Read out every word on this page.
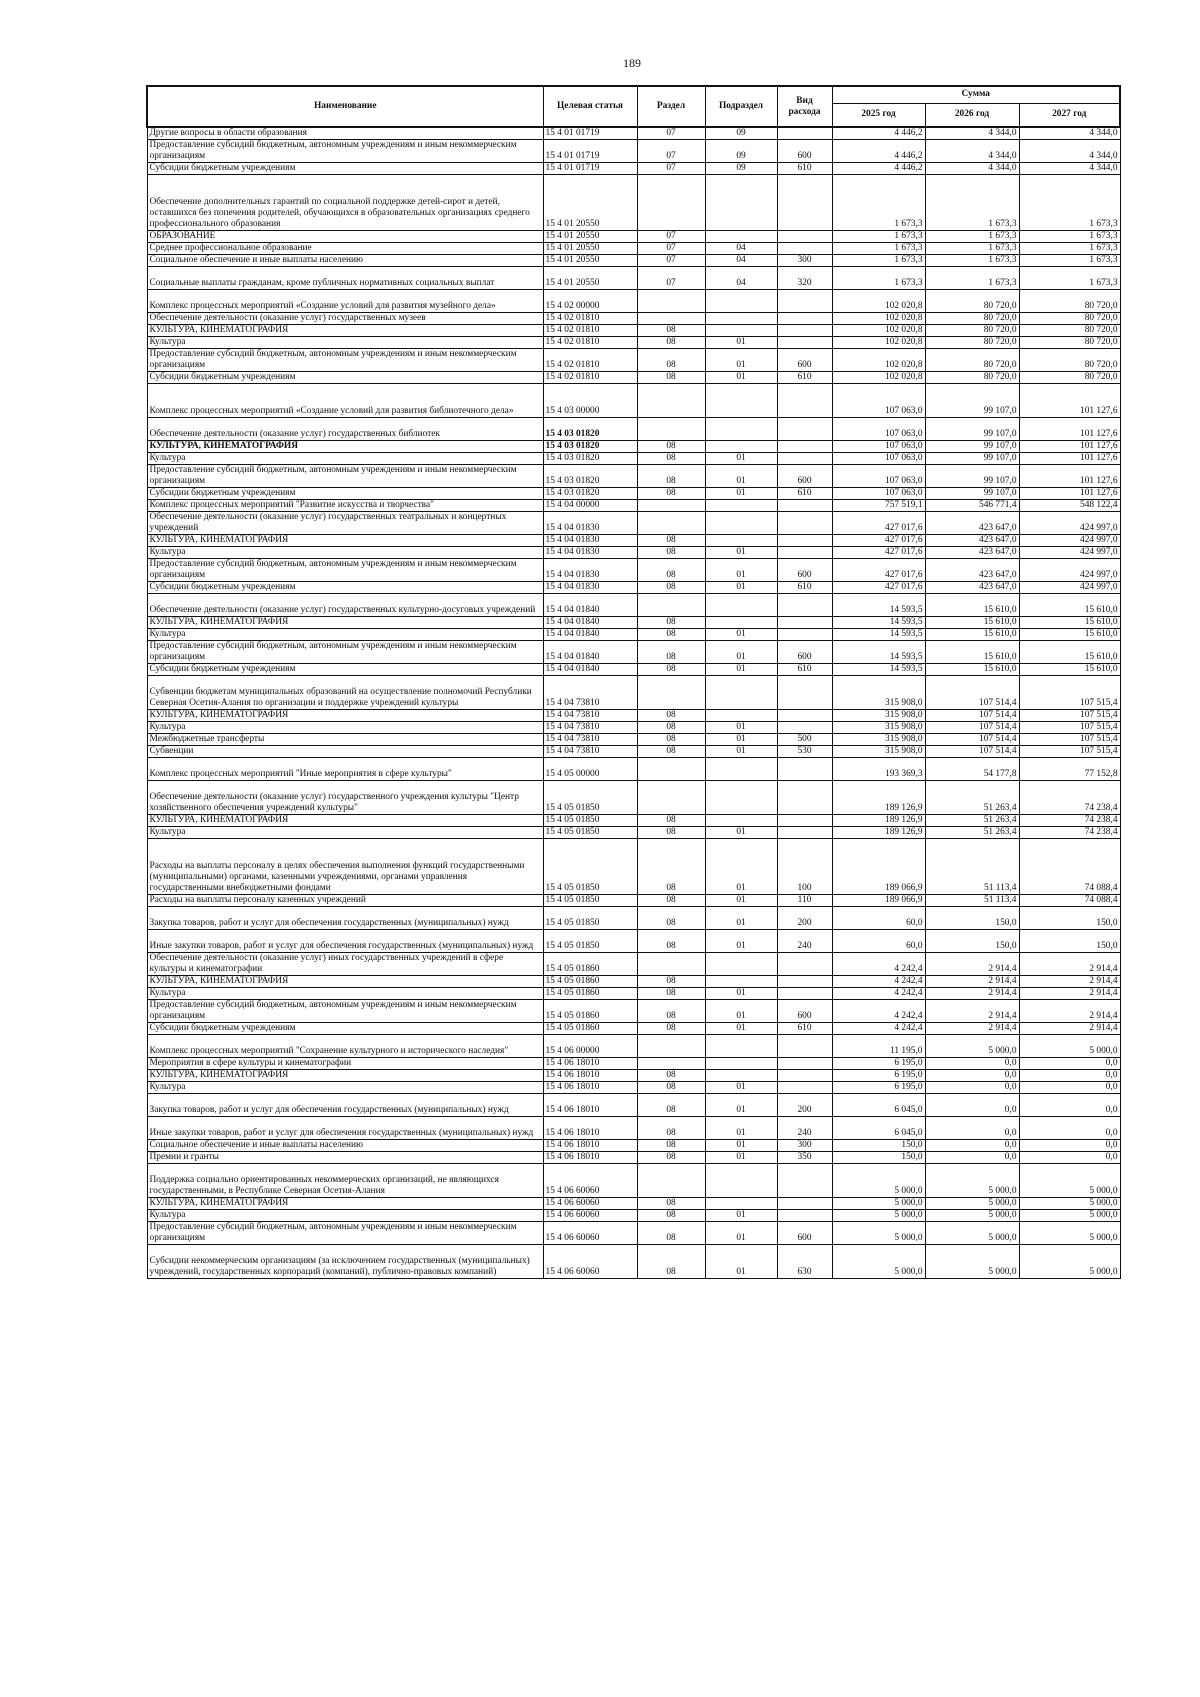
189
Наименование	Целевая статья	Раздел	Подраздел	Вид расхода	Сумма		
					2025 год	2026 год	2027 год
Другие вопросы в области образования	15 4 01 01719	07	09		4 446,2	4 344,0	4 344,0
Предоставление субсидий бюджетным, автономным учреждениям и иным некоммерческим организациям	15 4 01 01719	07	09	600	4 446,2	4 344,0	4 344,0
Субсидии бюджетным учреждениям	15 4 01 01719	07	09	610	4 446,2	4 344,0	4 344,0
Обеспечение дополнительных гарантий по социальной поддержке детей-сирот и детей, оставшихся без попечения родителей, обучающихся в образовательных организациях среднего профессионального образования	15 4 01 20550				1 673,3	1 673,3	1 673,3
ОБРАЗОВАНИЕ	15 4 01 20550	07			1 673,3	1 673,3	1 673,3
Среднее профессиональное образование	15 4 01 20550	07	04		1 673,3	1 673,3	1 673,3
Социальное обеспечение и иные выплаты населению	15 4 01 20550	07	04	300	1 673,3	1 673,3	1 673,3
Социальные выплаты гражданам, кроме публичных нормативных социальных выплат	15 4 01 20550	07	04	320	1 673,3	1 673,3	1 673,3
Комплекс процессных мероприятий «Создание условий для развития музейного дела»	15 4 02 00000				102 020,8	80 720,0	80 720,0
Обеспечение деятельности (оказание услуг) государственных музеев	15 4 02 01810				102 020,8	80 720,0	80 720,0
КУЛЬТУРА, КИНЕМАТОГРАФИЯ	15 4 02 01810	08			102 020,8	80 720,0	80 720,0
Культура	15 4 02 01810	08	01		102 020,8	80 720,0	80 720,0
Предоставление субсидий бюджетным, автономным учреждениям и иным некоммерческим организациям	15 4 02 01810	08	01	600	102 020,8	80 720,0	80 720,0
Субсидии бюджетным учреждениям	15 4 02 01810	08	01	610	102 020,8	80 720,0	80 720,0
Комплекс процессных мероприятий «Создание условий для развития библиотечного дела»	15 4 03 00000				107 063,0	99 107,0	101 127,6
Обеспечение деятельности (оказание услуг) государственных библиотек	15 4 03 01820				107 063,0	99 107,0	101 127,6
КУЛЬТУРА, КИНЕМАТОГРАФИЯ	15 4 03 01820	08			107 063,0	99 107,0	101 127,6
Культура	15 4 03 01820	08	01		107 063,0	99 107,0	101 127,6
Предоставление субсидий бюджетным, автономным учреждениям и иным некоммерческим организациям	15 4 03 01820	08	01	600	107 063,0	99 107,0	101 127,6
Субсидии бюджетным учреждениям	15 4 03 01820	08	01	610	107 063,0	99 107,0	101 127,6
Комплекс процессных мероприятий "Развитие искусства и творчества"	15 4 04 00000				757 519,1	546 771,4	548 122,4
Обеспечение деятельности (оказание услуг) государственных театральных и концертных учреждений	15 4 04 01830				427 017,6	423 647,0	424 997,0
КУЛЬТУРА, КИНЕМАТОГРАФИЯ	15 4 04 01830	08			427 017,6	423 647,0	424 997,0
Культура	15 4 04 01830	08	01		427 017,6	423 647,0	424 997,0
Предоставление субсидий бюджетным, автономным учреждениям и иным некоммерческим организациям	15 4 04 01830	08	01	600	427 017,6	423 647,0	424 997,0
Субсидии бюджетным учреждениям	15 4 04 01830	08	01	610	427 017,6	423 647,0	424 997,0
Обеспечение деятельности (оказание услуг) государственных культурно-досуговых учреждений	15 4 04 01840				14 593,5	15 610,0	15 610,0
КУЛЬТУРА, КИНЕМАТОГРАФИЯ	15 4 04 01840	08			14 593,5	15 610,0	15 610,0
Культура	15 4 04 01840	08	01		14 593,5	15 610,0	15 610,0
Предоставление субсидий бюджетным, автономным учреждениям и иным некоммерческим организациям	15 4 04 01840	08	01	600	14 593,5	15 610,0	15 610,0
Субсидии бюджетным учреждениям	15 4 04 01840	08	01	610	14 593,5	15 610,0	15 610,0
Субвенции бюджетам муниципальных образований на осуществление полномочий Республики Северная Осетия-Алания по организации и поддержке учреждений культуры	15 4 04 73810				315 908,0	107 514,4	107 515,4
КУЛЬТУРА, КИНЕМАТОГРАФИЯ	15 4 04 73810	08			315 908,0	107 514,4	107 515,4
Культура	15 4 04 73810	08	01		315 908,0	107 514,4	107 515,4
Межбюджетные трансферты	15 4 04 73810	08	01	500	315 908,0	107 514,4	107 515,4
Субвенции	15 4 04 73810	08	01	530	315 908,0	107 514,4	107 515,4
Комплекс процессных мероприятий "Иные мероприятия в сфере культуры"	15 4 05 00000				193 369,3	54 177,8	77 152,8
Обеспечение деятельности (оказание услуг) государственного учреждения культуры "Центр хозяйственного обеспечения учреждений культуры"	15 4 05 01850				189 126,9	51 263,4	74 238,4
КУЛЬТУРА, КИНЕМАТОГРАФИЯ	15 4 05 01850	08			189 126,9	51 263,4	74 238,4
Культура	15 4 05 01850	08	01		189 126,9	51 263,4	74 238,4
Расходы на выплаты персоналу в целях обеспечения выполнения функций государственными (муниципальными) органами, казенными учреждениями, органами управления государственными внебюджетными фондами	15 4 05 01850	08	01	100	189 066,9	51 113,4	74 088,4
Расходы на выплаты персоналу казенных учреждений	15 4 05 01850	08	01	110	189 066,9	51 113,4	74 088,4
Закупка товаров, работ и услуг для обеспечения государственных (муниципальных) нужд	15 4 05 01850	08	01	200	60,0	150,0	150,0
Иные закупки товаров, работ и услуг для обеспечения государственных (муниципальных) нужд	15 4 05 01850	08	01	240	60,0	150,0	150,0
Обеспечение деятельности (оказание услуг) иных государственных учреждений в сфере культуры и кинематографии	15 4 05 01860				4 242,4	2 914,4	2 914,4
КУЛЬТУРА, КИНЕМАТОГРАФИЯ	15 4 05 01860	08			4 242,4	2 914,4	2 914,4
Культура	15 4 05 01860	08	01		4 242,4	2 914,4	2 914,4
Предоставление субсидий бюджетным, автономным учреждениям и иным некоммерческим организациям	15 4 05 01860	08	01	600	4 242,4	2 914,4	2 914,4
Субсидии бюджетным учреждениям	15 4 05 01860	08	01	610	4 242,4	2 914,4	2 914,4
Комплекс процессных мероприятий "Сохранение культурного и исторического наследия"	15 4 06 00000				11 195,0	5 000,0	5 000,0
Мероприятия в сфере культуры и кинематографии	15 4 06 18010				6 195,0	0,0	0,0
КУЛЬТУРА, КИНЕМАТОГРАФИЯ	15 4 06 18010	08			6 195,0	0,0	0,0
Культура	15 4 06 18010	08	01		6 195,0	0,0	0,0
Закупка товаров, работ и услуг для обеспечения государственных (муниципальных) нужд	15 4 06 18010	08	01	200	6 045,0	0,0	0,0
Иные закупки товаров, работ и услуг для обеспечения государственных (муниципальных) нужд	15 4 06 18010	08	01	240	6 045,0	0,0	0,0
Социальное обеспечение и иные выплаты населению	15 4 06 18010	08	01	300	150,0	0,0	0,0
Премии и гранты	15 4 06 18010	08	01	350	150,0	0,0	0,0
Поддержка социально ориентированных некоммерческих организаций, не являющихся государственными, в Республике Северная Осетия-Алания	15 4 06 60060				5 000,0	5 000,0	5 000,0
КУЛЬТУРА, КИНЕМАТОГРАФИЯ	15 4 06 60060	08			5 000,0	5 000,0	5 000,0
Культура	15 4 06 60060	08	01		5 000,0	5 000,0	5 000,0
Предоставление субсидий бюджетным, автономным учреждениям и иным некоммерческим организациям	15 4 06 60060	08	01	600	5 000,0	5 000,0	5 000,0
Субсидии некоммерческим организациям (за исключением государственных (муниципальных) учреждений, государственных корпораций (компаний), публично-правовых компаний)	15 4 06 60060	08	01	630	5 000,0	5 000,0	5 000,0
